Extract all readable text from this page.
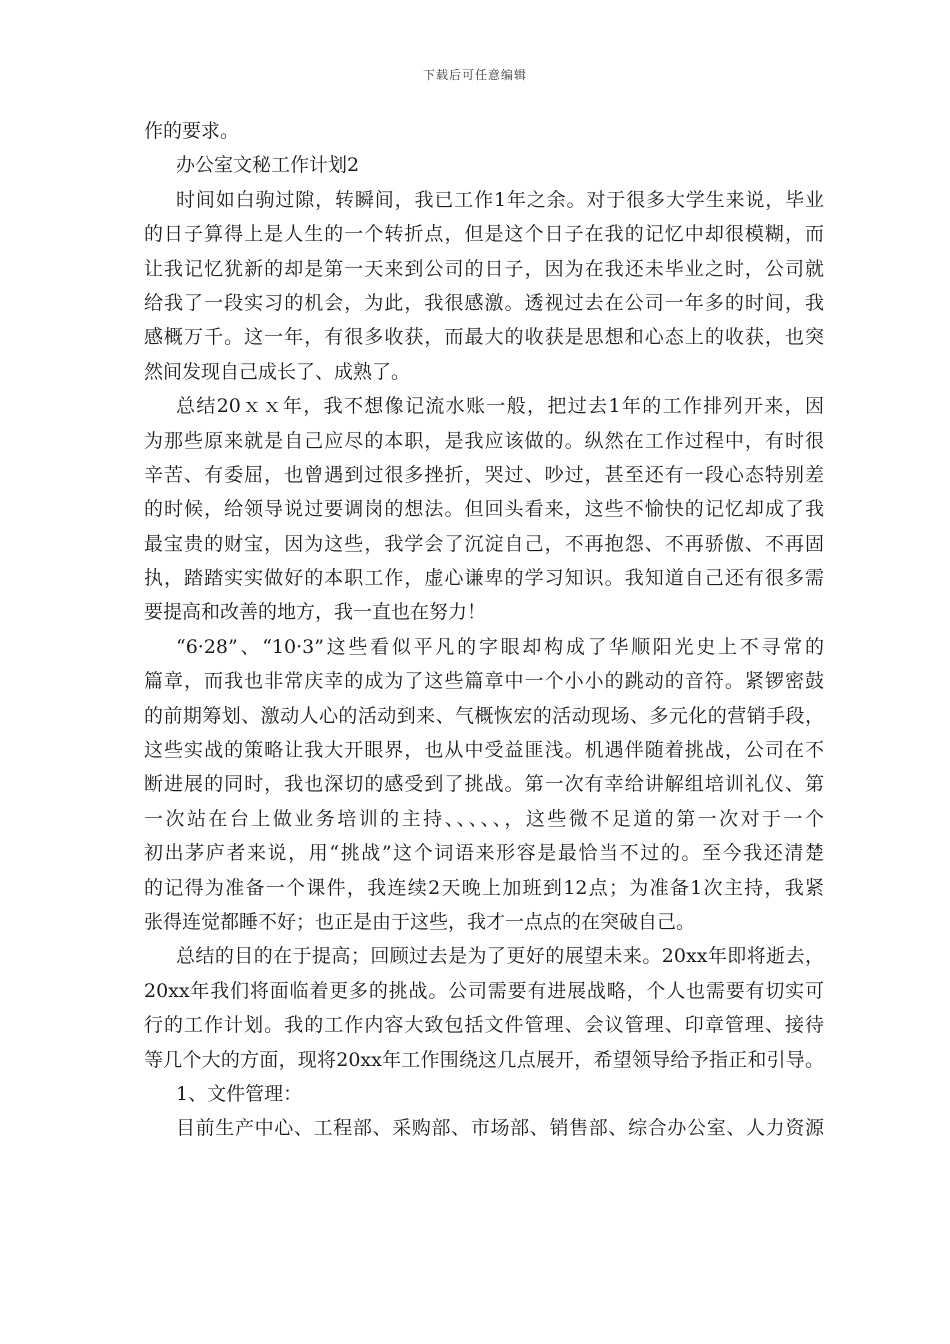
下载后可任意编辑
作的要求。
办公室文秘工作计划2
时间如白驹过隙，转瞬间，我已工作1年之余。对于很多大学生来说，毕业
的日子算得上是人生的一个转折点，但是这个日子在我的记忆中却很模糊，而
让我记忆犹新的却是第一天来到公司的日子，因为在我还未毕业之时，公司就
给我了一段实习的机会，为此，我很感激。透视过去在公司一年多的时间，我
感概万千。这一年，有很多收获，而最大的收获是思想和心态上的收获，也突
然间发现自己成长了、成熟了。
总结20ｘｘ年，我不想像记流水账一般，把过去1年的工作排列开来，因
为那些原来就是自己应尽的本职，是我应该做的。纵然在工作过程中，有时很
辛苦、有委屈，也曾遇到过很多挫折，哭过、吵过，甚至还有一段心态特别差
的时候，给领导说过要调岗的想法。但回头看来，这些不愉快的记忆却成了我
最宝贵的财宝，因为这些，我学会了沉淀自己，不再抱怨、不再骄傲、不再固
执，踏踏实实做好的本职工作，虚心谦卑的学习知识。我知道自己还有很多需
要提高和改善的地方，我一直也在努力！
“6·28”、“10·3”这些看似平凡的字眼却构成了华顺阳光史上不寻常的
篇章，而我也非常庆幸的成为了这些篇章中一个小小的跳动的音符。紧锣密鼓
的前期筹划、激动人心的活动到来、气概恢宏的活动现场、多元化的营销手段，
这些实战的策略让我大开眼界，也从中受益匪浅。机遇伴随着挑战，公司在不
断进展的同时，我也深切的感受到了挑战。第一次有幸给讲解组培训礼仪、第
一次站在台上做业务培训的主持、、、、、，这些微不足道的第一次对于一个
初出茅庐者来说，用“挑战”这个词语来形容是最恰当不过的。至今我还清楚
的记得为准备一个课件，我连续2天晚上加班到12点；为准备1次主持，我紧
张得连觉都睡不好；也正是由于这些，我才一点点的在突破自己。
总结的目的在于提高；回顾过去是为了更好的展望未来。20xx年即将逝去，
20xx年我们将面临着更多的挑战。公司需要有进展战略，个人也需要有切实可
行的工作计划。我的工作内容大致包括文件管理、会议管理、印章管理、接待
等几个大的方面，现将20xx年工作围绕这几点展开，希望领导给予指正和引导。
1、文件管理：
目前生产中心、工程部、采购部、市场部、销售部、综合办公室、人力资源
